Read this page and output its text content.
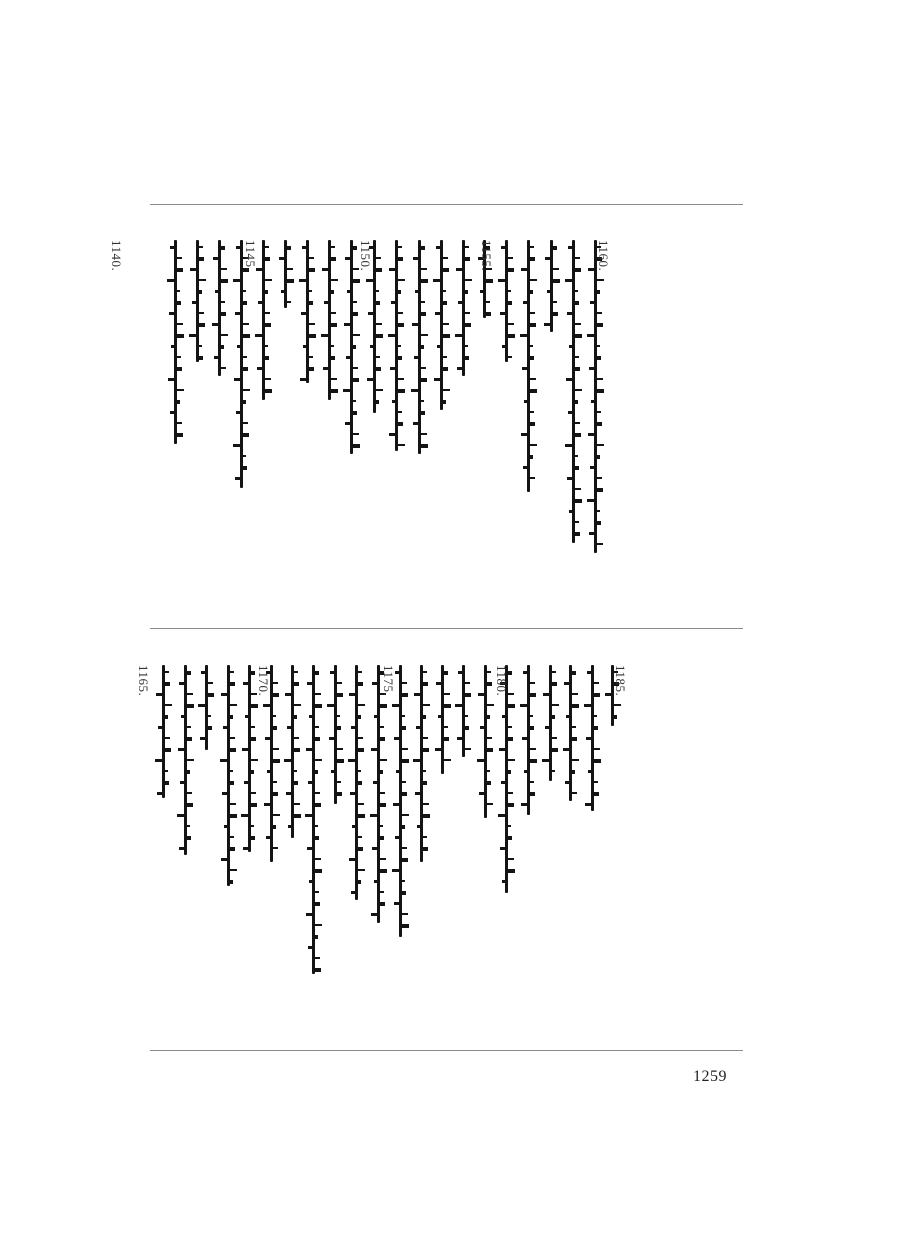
1160.
1155.
1150.
1145.
1140.
1185.
1180.
1175.
1170.
1165.
1259
